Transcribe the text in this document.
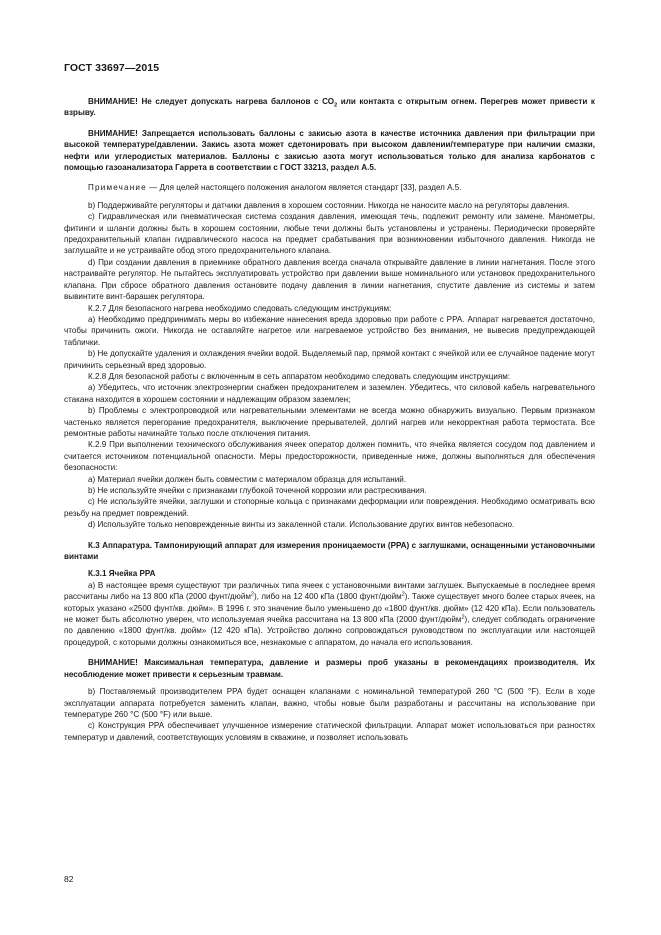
ГОСТ 33697—2015

ВНИМАНИЕ! Не следует допускать нагрева баллонов с $СО_2$ или контакта с открытым огнем. Перегрев может привести к взрыву.

ВНИМАНИЕ! Запрещается использовать баллоны с закисью азота в качестве источника давления при фильтрации при высокой температуре/давлении. Закись азота может сдетонировать при высоком давлении/температуре при наличии смазки, нефти или углеродистых материалов. Баллоны с закисью азота могут использоваться только для анализа карбонатов с помощью газоанализатора Гаррета в соответствии с ГОСТ 33213, раздел А.5.

Примечание — Для целей настоящего положения аналогом является стандарт [33], раздел А.5.

b) Поддерживайте регуляторы и датчики давления в хорошем состоянии. Никогда не наносите масло на регуляторы давления.

c) Гидравлическая или пневматическая система создания давления, имеющая течь, подлежит ремонту или замене. Манометры, фитинги и шланги должны быть в хорошем состоянии, любые течи должны быть установлены и устранены. Периодически проверяйте предохранительный клапан гидравлического насоса на предмет срабатывания при возникновении избыточного давления. Никогда не заглушайте и не устраивайте обод этого предохранительного клапана.

d) При создании давления в приемнике обратного давления всегда сначала открывайте давление в линии нагнетания. После этого настраивайте регулятор. Не пытайтесь эксплуатировать устройство при давлении выше номинального или установок предохранительного клапана. При сбросе обратного давления остановите подачу давления в линии нагнетания, спустите давление из системы и затем вывинтите винт-барашек регулятора.

К.2.7 Для безопасного нагрева необходимо следовать следующим инструкциям:

a) Необходимо предпринимать меры во избежание нанесения вреда здоровью при работе с РРА. Аппарат нагревается достаточно, чтобы причинить ожоги. Никогда не оставляйте нагретое или нагреваемое устройство без внимания, не вывесив предупреждающей таблички.

b) Не допускайте удаления и охлаждения ячейки водой. Выделяемый пар, прямой контакт с ячейкой или ее случайное падение могут причинить серьезный вред здоровью.

К.2.8 Для безопасной работы с включенным в сеть аппаратом необходимо следовать следующим инструкциям:

a) Убедитесь, что источник электроэнергии снабжен предохранителем и заземлен. Убедитесь, что силовой кабель нагревательного стакана находится в хорошем состоянии и надлежащим образом заземлен;

b) Проблемы с электропроводкой или нагревательными элементами не всегда можно обнаружить визуально. Первым признаком частенько является перегорание предохранителя, выключение прерывателей, долгий нагрев или некорректная работа термостата. Все ремонтные работы начинайте только после отключения питания.

К.2.9 При выполнении технического обслуживания ячеек оператор должен помнить, что ячейка является сосудом под давлением и считается источником потенциальной опасности. Меры предосторожности, приведенные ниже, должны выполняться для обеспечения безопасности:

a) Материал ячейки должен быть совместим с материалом образца для испытаний.

b) Не используйте ячейки с признаками глубокой точечной коррозии или растрескивания.

c) Не используйте ячейки, заглушки и стопорные кольца с признаками деформации или повреждения. Необходимо осматривать всю резьбу на предмет повреждений.

d) Используйте только неповрежденные винты из закаленной стали. Использование других винтов небезопасно.

К.3 Аппаратура. Тампонирующий аппарат для измерения проницаемости (РРА) с заглушками, оснащенными установочными винтами

К.3.1 Ячейка РРА

a) В настоящее время существуют три различных типа ячеек с установочными винтами заглушек. Выпускаемые в последнее время рассчитаны либо на 13 800 кПа (2000 фунт/дюйм$^2$), либо на 12 400 кПа (1800 фунт/дюйм$^2$). Также существует много более старых ячеек, на которых указано «2500 фунт/кв. дюйм». В 1996 г. это значение было уменьшено до «1800 фунт/кв. дюйм» (12 420 кПа). Если пользователь не может быть абсолютно уверен, что используемая ячейка рассчитана на 13 800 кПа (2000 фунт/дюйм$^2$), следует соблюдать ограничение по давлению «1800 фунт/кв. дюйм» (12 420 кПа). Устройство должно сопровождаться руководством по эксплуатации или настоящей процедурой, с которыми должны ознакомиться все, незнакомые с аппаратом, до начала его использования.

ВНИМАНИЕ! Максимальная температура, давление и размеры проб указаны в рекомендациях производителя. Их несоблюдение может привести к серьезным травмам.

b) Поставляемый производителем РРА будет оснащен клапанами с номинальной температурой 260 °C (500 °F). Если в ходе эксплуатации аппарата потребуется заменить клапан, важно, чтобы новые были разработаны и рассчитаны на использование при температуре 260 °C (500 °F) или выше.

c) Конструкция РРА обеспечивает улучшенное измерение статической фильтрации. Аппарат может использоваться при разностях температур и давлений, соответствующих условиям в скважине, и позволяет использовать

82
